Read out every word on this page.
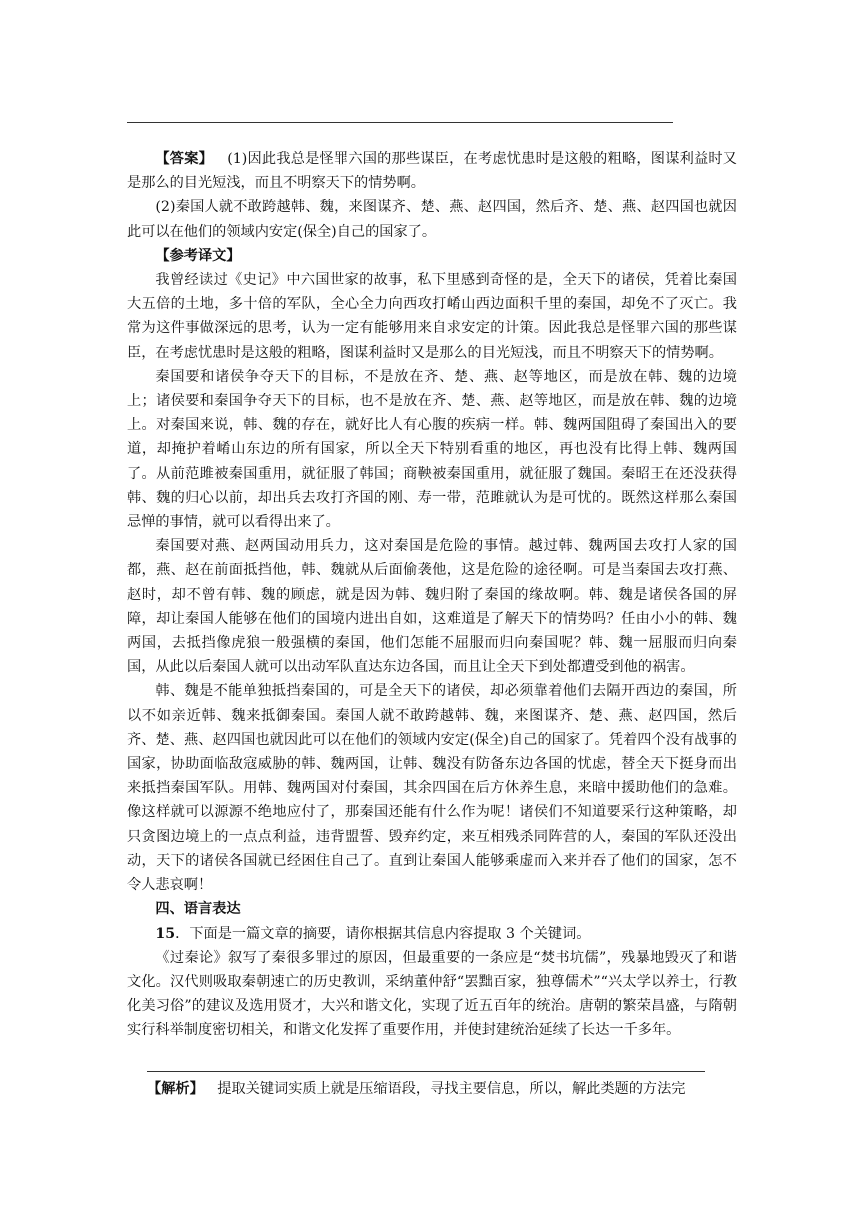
【答案】 (1)因此我总是怪罪六国的那些谋臣，在考虑忧患时是这般的粗略，图谋利益时又是那么的目光短浅，而且不明察天下的情势啊。

(2)秦国人就不敢跨越韩、魏，来图谋齐、楚、燕、赵四国，然后齐、楚、燕、赵四国也就因此可以在他们的领域内安定(保全)自己的国家了。

【参考译文】

我曾经读过《史记》中六国世家的故事，私下里感到奇怪的是，全天下的诸侯，凭着比秦国大五倍的土地，多十倍的军队，全心全力向西攻打崤山西边面积千里的秦国，却免不了灭亡。我常为这件事做深远的思考，认为一定有能够用来自求安定的计策。因此我总是怪罪六国的那些谋臣，在考虑忧患时是这般的粗略，图谋利益时又是那么的目光短浅，而且不明察天下的情势啊。

秦国要和诸侯争夺天下的目标，不是放在齐、楚、燕、赵等地区，而是放在韩、魏的边境上；诸侯要和秦国争夺天下的目标，也不是放在齐、楚、燕、赵等地区，而是放在韩、魏的边境上。对秦国来说，韩、魏的存在，就好比人有心腹的疾病一样。韩、魏两国阻碍了秦国出入的要道，却掩护着崤山东边的所有国家，所以全天下特别看重的地区，再也没有比得上韩、魏两国了。从前范雎被秦国重用，就征服了韩国；商鞅被秦国重用，就征服了魏国。秦昭王在还没获得韩、魏的归心以前，却出兵去攻打齐国的刚、寿一带，范雎就认为是可忧的。既然这样那么秦国忌惮的事情，就可以看得出来了。

秦国要对燕、赵两国动用兵力，这对秦国是危险的事情。越过韩、魏两国去攻打人家的国都，燕、赵在前面抵挡他，韩、魏就从后面偷袭他，这是危险的途径啊。可是当秦国去攻打燕、赵时，却不曾有韩、魏的顾虑，就是因为韩、魏归附了秦国的缘故啊。韩、魏是诸侯各国的屏障，却让秦国人能够在他们的国境内进出自如，这难道是了解天下的情势吗？任由小小的韩、魏两国，去抵挡像虎狼一般强横的秦国，他们怎能不屈服而归向秦国呢？韩、魏一屈服而归向秦国，从此以后秦国人就可以出动军队直达东边各国，而且让全天下到处都遭受到他的祸害。

韩、魏是不能单独抵挡秦国的，可是全天下的诸侯，却必须靠着他们去隔开西边的秦国，所以不如亲近韩、魏来抵御秦国。秦国人就不敢跨越韩、魏，来图谋齐、楚、燕、赵四国，然后齐、楚、燕、赵四国也就因此可以在他们的领域内安定(保全)自己的国家了。凭着四个没有战事的国家，协助面临敌寇威胁的韩、魏两国，让韩、魏没有防备东边各国的忧虑，替全天下挺身而出来抵挡秦国军队。用韩、魏两国对付秦国，其余四国在后方休养生息，来暗中援助他们的急难。像这样就可以源源不绝地应付了，那秦国还能有什么作为呢！诸侯们不知道要采行这种策略，却只贪图边境上的一点点利益，违背盟誓、毁弃约定，来互相残杀同阵营的人，秦国的军队还没出动，天下的诸侯各国就已经困住自己了。直到让秦国人能够乘虚而入来并吞了他们的国家，怎不令人悲哀啊！

四、语言表达

15．下面是一篇文章的摘要，请你根据其信息内容提取 3 个关键词。

《过秦论》叙写了秦很多罪过的原因，但最重要的一条应是“焚书坑儒”，残暴地毁灭了和谐文化。汉代则吸取秦朝速亡的历史教训，采纳董仲舒“罢黜百家，独尊儒术”“兴太学以养士，行教化美习俗”的建议及选用贤才，大兴和谐文化，实现了近五百年的统治。唐朝的繁荣昌盛，与隋朝实行科举制度密切相关，和谐文化发挥了重要作用，并使封建统治延续了长达一千多年。

【解析】 提取关键词实质上就是压缩语段，寻找主要信息，所以，解此类题的方法完
